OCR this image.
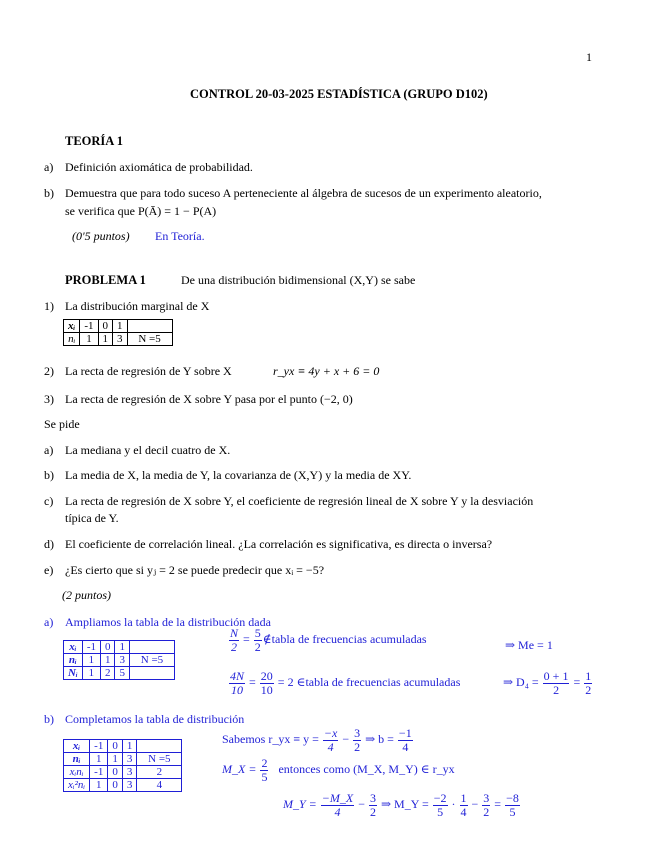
1
CONTROL 20-03-2025 ESTADÍSTICA (GRUPO D102)
TEORÍA 1
a) Definición axiomática de probabilidad.
b) Demuestra que para todo suceso A perteneciente al álgebra de sucesos de un experimento aleatorio,
se verifica que P(Ā) = 1 − P(A)
(0'5 puntos) En Teoría.
PROBLEMA 1	De una distribución bidimensional (X,Y) se sabe
1) La distribución marginal de X
xᵢ	-1	0	1	
nᵢ	1	1	3	N =5
2) La recta de regresión de Y sobre X	r_yx ≡ 4y + x + 6 = 0
3) La recta de regresión de X sobre Y pasa por el punto (−2, 0)
Se pide
a) La mediana y el decil cuatro de X.
b) La media de X, la media de Y, la covarianza de (X,Y) y la media de XY.
c) La recta de regresión de X sobre Y, el coeficiente de regresión lineal de X sobre Y y la desviación
típica de Y.
d) El coeficiente de correlación lineal. ¿La correlación es significativa, es directa o inversa?
e) ¿Es cierto que si yⱼ = 2 se puede predecir que xᵢ = −5?
(2 puntos)
a) Ampliamos la tabla de la distribución dada
xᵢ	-1	0	1	
nᵢ	1	1	3	N =5
Nᵢ	1	2	5	
$\frac{N}{2} = \frac{5}{2}$ ∉tabla de frecuencias acumuladas	⇒ Me = 1
$\frac{4N}{10} = \frac{20}{10} = 2$ ∈tabla de frecuencias acumuladas	⇒ $D_4 = \frac{0 + 1}{2} = \frac{1}{2}$
b) Completamos la tabla de distribución
xᵢ	-1	0	1	
nᵢ	1	1	3	N =5
xᵢnᵢ	-1	0	3	2
xᵢ²nᵢ	1	0	3	4
Sabemos r_yx ≡ $y = \frac{-x}{4} - \frac{3}{2}$ ⇒ $b = \frac{-1}{4}$
M_X = $\frac{2}{5}$ entonces como (M_X, M_Y) ∈ r_yx
M_Y = $\frac{-M\_X}{4} - \frac{3}{2}$ ⇒ M_Y = $\frac{-2}{5} \cdot \frac{1}{4} - \frac{3}{2} = \frac{-8}{5}$
